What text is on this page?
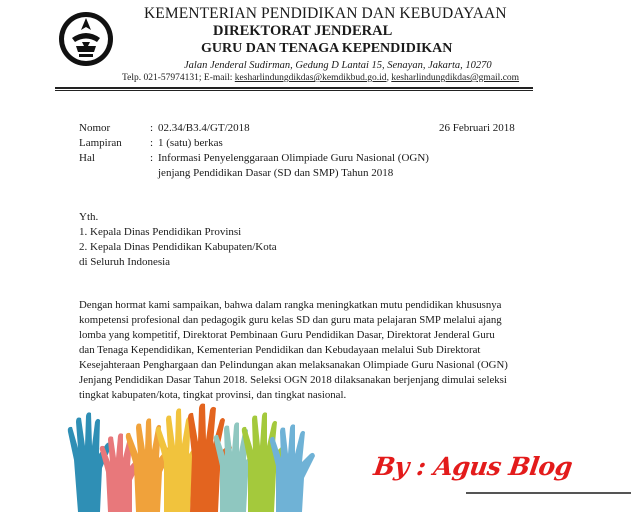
KEMENTERIAN PENDIDIKAN DAN KEBUDAYAAN
DIREKTORAT JENDERAL
GURU DAN TENAGA KEPENDIDIKAN
Jalan Jenderal Sudirman, Gedung D Lantai 15, Senayan, Jakarta, 10270
Telp. 021-57974131; E-mail: kesharlindungdikdas@kemdikbud.go.id, kesharlindungdikdas@gmail.com
Nomor	: 02.34/B3.4/GT/2018	26 Februari 2018
Lampiran	: 1 (satu) berkas
Hal	: Informasi Penyelenggaraan Olimpiade Guru Nasional (OGN)
jenjang Pendidikan Dasar (SD dan SMP) Tahun 2018
Yth.
1. Kepala Dinas Pendidikan Provinsi
2. Kepala Dinas Pendidikan Kabupaten/Kota
di Seluruh Indonesia
Dengan hormat kami sampaikan, bahwa dalam rangka meningkatkan mutu pendidikan khususnya
kompetensi profesional dan pedagogik guru kelas SD dan guru mata pelajaran SMP melalui ajang
lomba yang kompetitif, Direktorat Pembinaan Guru Pendidikan Dasar, Direktorat Jenderal Guru
dan Tenaga Kependidikan, Kementerian Pendidikan dan Kebudayaan melalui Sub Direktorat
Kesejahteraan Penghargaan dan Pelindungan akan melaksanakan Olimpiade Guru Nasional (OGN)
Jenjang Pendidikan Dasar Tahun 2018. Seleksi OGN 2018 dilaksanakan berjenjang dimulai seleksi
tingkat kabupaten/kota, tingkat provinsi, dan tingkat nasional.
By : Agus Blog
